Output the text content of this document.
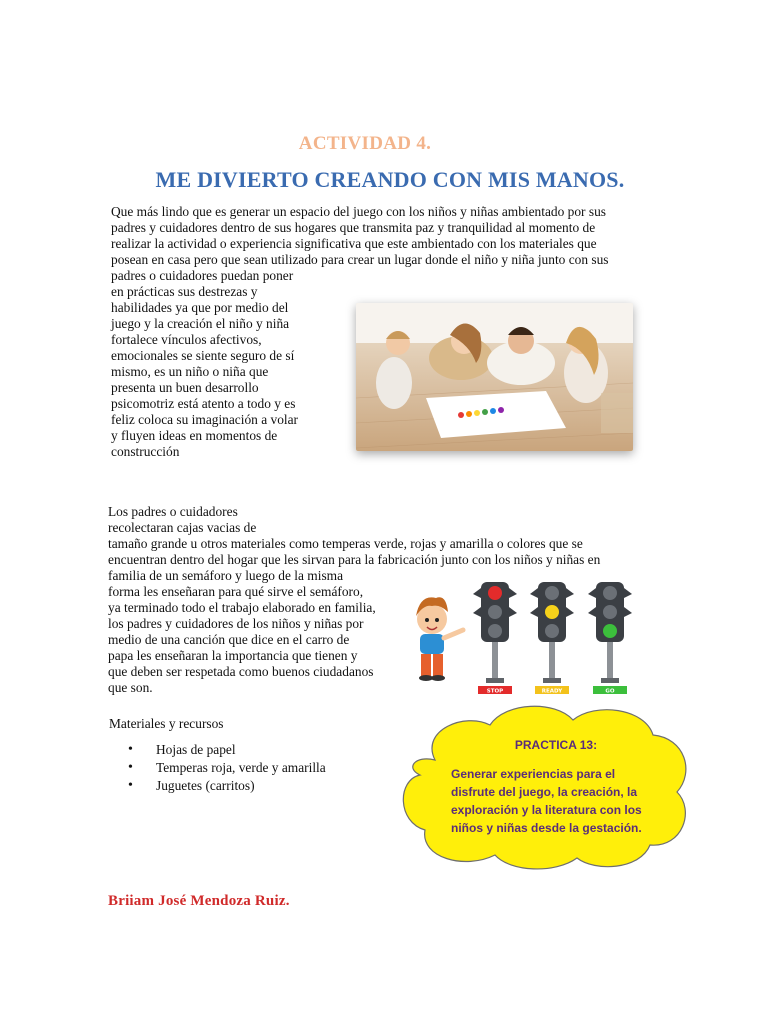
ACTIVIDAD 4.
ME DIVIERTO CREANDO CON MIS MANOS.
Que más lindo que es generar un espacio del juego con los niños y niñas ambientado por sus
padres y cuidadores dentro de sus hogares que transmita paz y tranquilidad al momento de
realizar la actividad o experiencia significativa que este ambientado con los materiales que
posean en casa pero que sean utilizado para crear un lugar donde el niño y niña junto con sus
padres o cuidadores puedan poner
en prácticas sus destrezas y
habilidades ya que por medio del
juego y la creación el niño y niña
fortalece vínculos afectivos,
emocionales se siente seguro de sí
mismo, es un niño o niña que
presenta un buen desarrollo
psicomotriz está atento a todo y es
feliz coloca su imaginación a volar
y fluyen ideas en momentos de
construcción
Los padres o cuidadores
recolectaran cajas vacias de
tamaño grande u otros materiales como temperas verde, rojas y amarilla o colores que se
encuentran dentro del hogar que les sirvan para la fabricación junto con los niños y niñas en
familia de un semáforo y luego de la misma
forma les enseñaran para qué sirve el semáforo,
ya terminado todo el trabajo elaborado en familia,
los padres y cuidadores de los niños y niñas por
medio de una canción que dice en el carro de
papa les enseñaran la importancia que tienen y
que deben ser respetada como buenos ciudadanos
que son.	STOP	READY	GO
Materiales y recursos
• Hojas de papel
• Temperas roja, verde y amarilla
• Juguetes (carritos)
PRACTICA 13:
Generar experiencias para el disfrute del juego, la creación, la exploración y la literatura con los niños y niñas desde la gestación.
Briiam José Mendoza Ruiz.
